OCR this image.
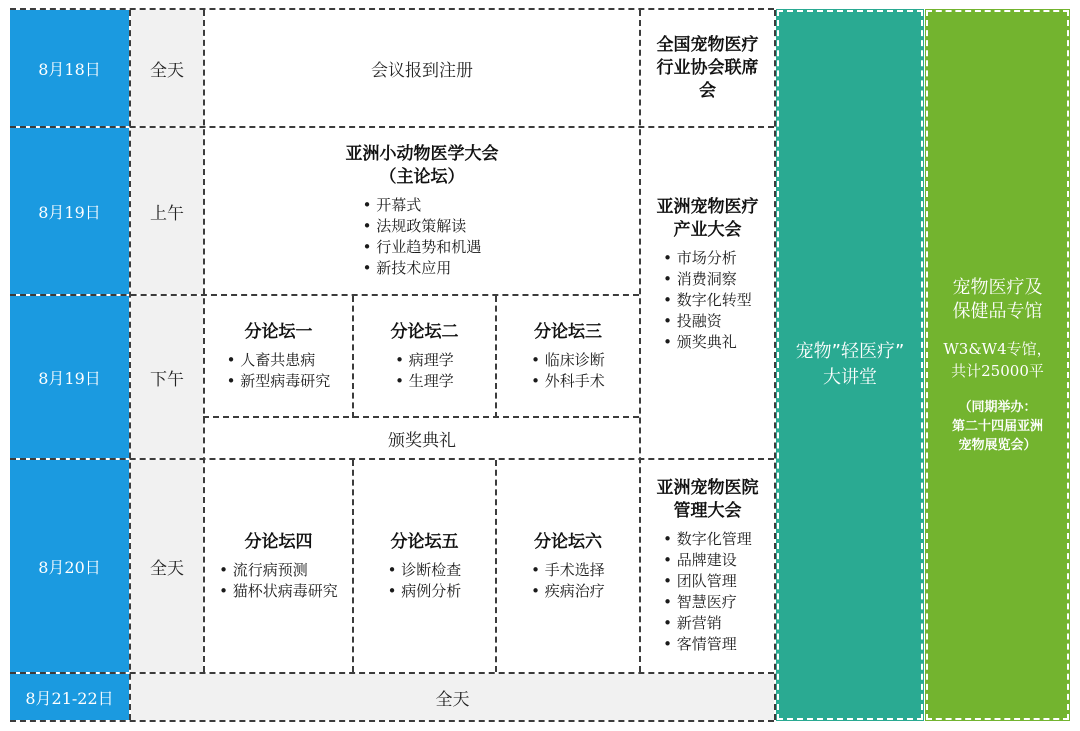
8月18日
8月19日
8月19日
8月20日
8月21-22日
全天
上午
下午
全天
全天
会议报到注册
全国宠物医疗
行业协会联席
会
亚洲小动物医学大会
（主论坛）
• 开幕式
• 法规政策解读
• 行业趋势和机遇
• 新技术应用
亚洲宠物医疗
产业大会
• 市场分析
• 消费洞察
• 数字化转型
• 投融资
• 颁奖典礼
分论坛一
• 人畜共患病
• 新型病毒研究
分论坛二
• 病理学
• 生理学
分论坛三
• 临床诊断
• 外科手术
颁奖典礼
分论坛四
• 流行病预测
• 猫杯状病毒研究
分论坛五
• 诊断检查
• 病例分析
分论坛六
• 手术选择
• 疾病治疗
亚洲宠物医院
管理大会
• 数字化管理
• 品牌建设
• 团队管理
• 智慧医疗
• 新营销
• 客情管理
宠物”轻医疗”
大讲堂
宠物医疗及
保健品专馆
W3&W4专馆，
共计25000平
（同期举办：
第二十四届亚洲
宠物展览会）
